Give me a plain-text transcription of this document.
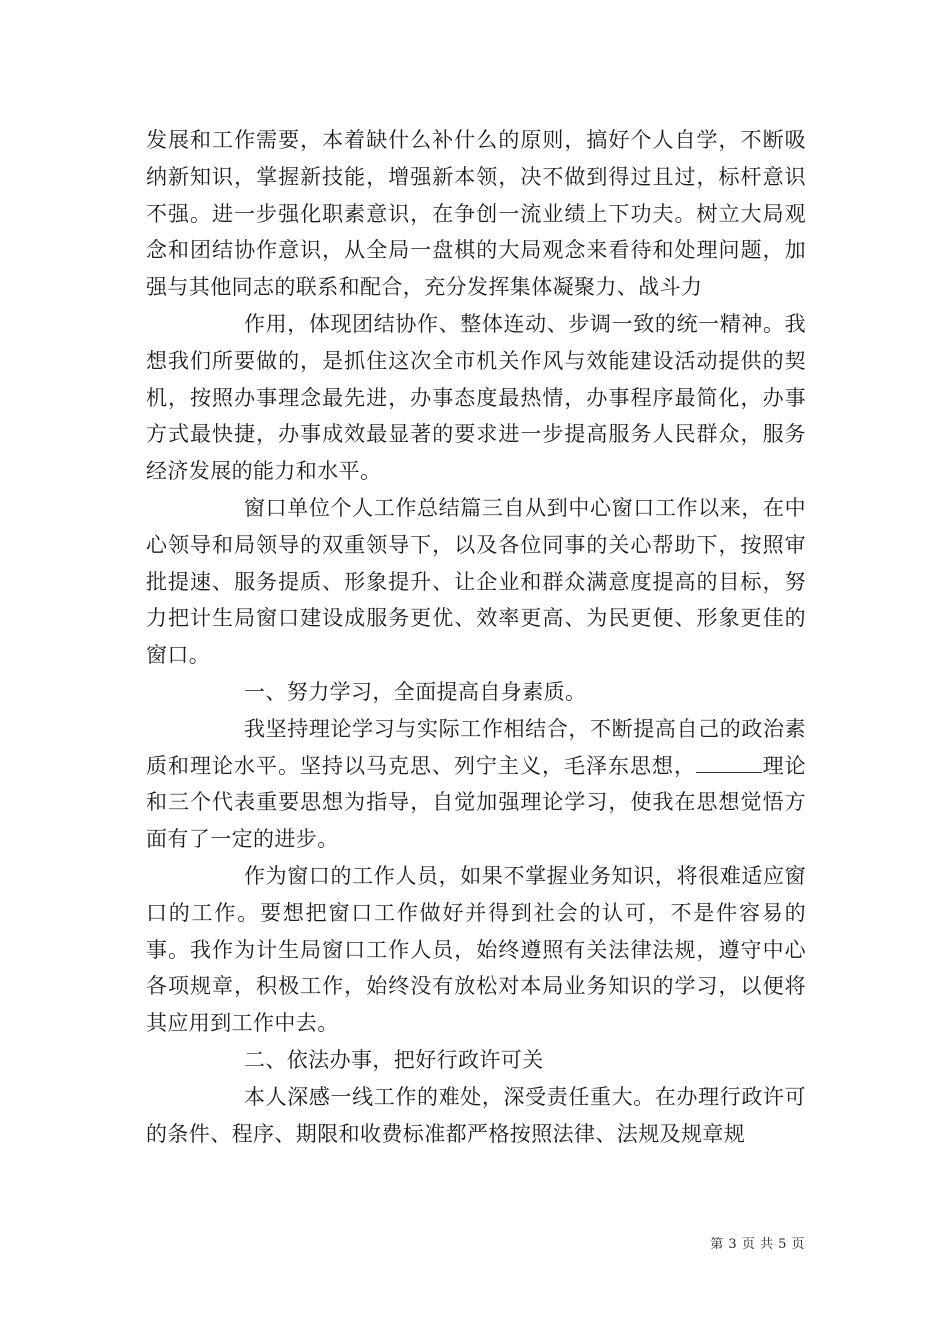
发展和工作需要，本着缺什么补什么的原则，搞好个人自学，不断吸纳新知识，掌握新技能，增强新本领，决不做到得过且过，标杆意识不强。进一步强化职素意识，在争创一流业绩上下功夫。树立大局观念和团结协作意识，从全局一盘棋的大局观念来看待和处理问题，加强与其他同志的联系和配合，充分发挥集体凝聚力、战斗力

作用，体现团结协作、整体连动、步调一致的统一精神。我想我们所要做的，是抓住这次全市机关作风与效能建设活动提供的契机，按照办事理念最先进，办事态度最热情，办事程序最简化，办事方式最快捷，办事成效最显著的要求进一步提高服务人民群众，服务经济发展的能力和水平。

窗口单位个人工作总结篇三自从到中心窗口工作以来，在中心领导和局领导的双重领导下，以及各位同事的关心帮助下，按照审批提速、服务提质、形象提升、让企业和群众满意度提高的目标，努力把计生局窗口建设成服务更优、效率更高、为民更便、形象更佳的窗口。

一、努力学习，全面提高自身素质。

我坚持理论学习与实际工作相结合，不断提高自己的政治素质和理论水平。坚持以马克思、列宁主义，毛泽东思想，	理论和三个代表重要思想为指导，自觉加强理论学习，使我在思想觉悟方面有了一定的进步。

作为窗口的工作人员，如果不掌握业务知识，将很难适应窗口的工作。要想把窗口工作做好并得到社会的认可，不是件容易的事。我作为计生局窗口工作人员，始终遵照有关法律法规，遵守中心各项规章，积极工作，始终没有放松对本局业务知识的学习，以便将其应用到工作中去。

二、依法办事，把好行政许可关

本人深感一线工作的难处，深受责任重大。在办理行政许可的条件、程序、期限和收费标准都严格按照法律、法规及规章规

第 3 页 共 5 页
